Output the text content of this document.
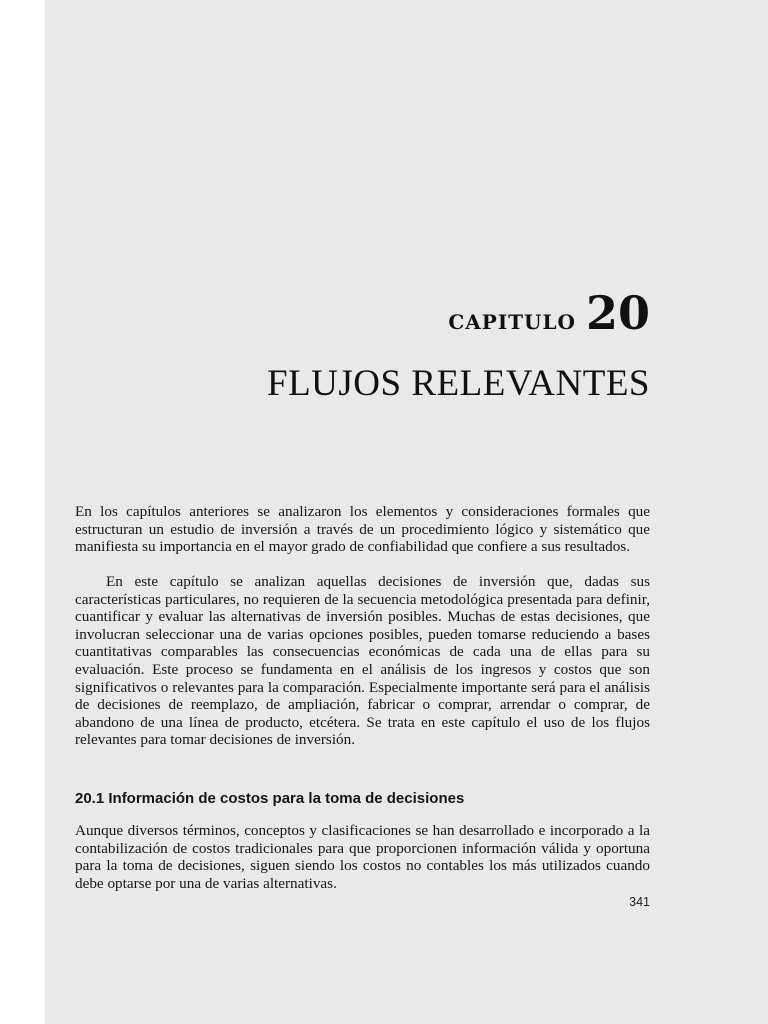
CAPITULO 20
FLUJOS RELEVANTES

En los capítulos anteriores se analizaron los elementos y consideraciones formales que estructuran un estudio de inversión a través de un procedimiento lógico y sistemático que manifiesta su importancia en el mayor grado de confiabilidad que confiere a sus resultados.

En este capítulo se analizan aquellas decisiones de inversión que, dadas sus características particulares, no requieren de la secuencia metodológica presentada para definir, cuantificar y evaluar las alternativas de inversión posibles. Muchas de estas decisiones, que involucran seleccionar una de varias opciones posibles, pueden tomarse reduciendo a bases cuantitativas comparables las consecuencias económicas de cada una de ellas para su evaluación. Este proceso se fundamenta en el análisis de los ingresos y costos que son significativos o relevantes para la comparación. Especialmente importante será para el análisis de decisiones de reemplazo, de ampliación, fabricar o comprar, arrendar o comprar, de abandono de una línea de producto, etcétera. Se trata en este capítulo el uso de los flujos relevantes para tomar decisiones de inversión.

20.1 Información de costos para la toma de decisiones

Aunque diversos términos, conceptos y clasificaciones se han desarrollado e incorporado a la contabilización de costos tradicionales para que proporcionen información válida y oportuna para la toma de decisiones, siguen siendo los costos no contables los más utilizados cuando debe optarse por una de varias alternativas.

341
